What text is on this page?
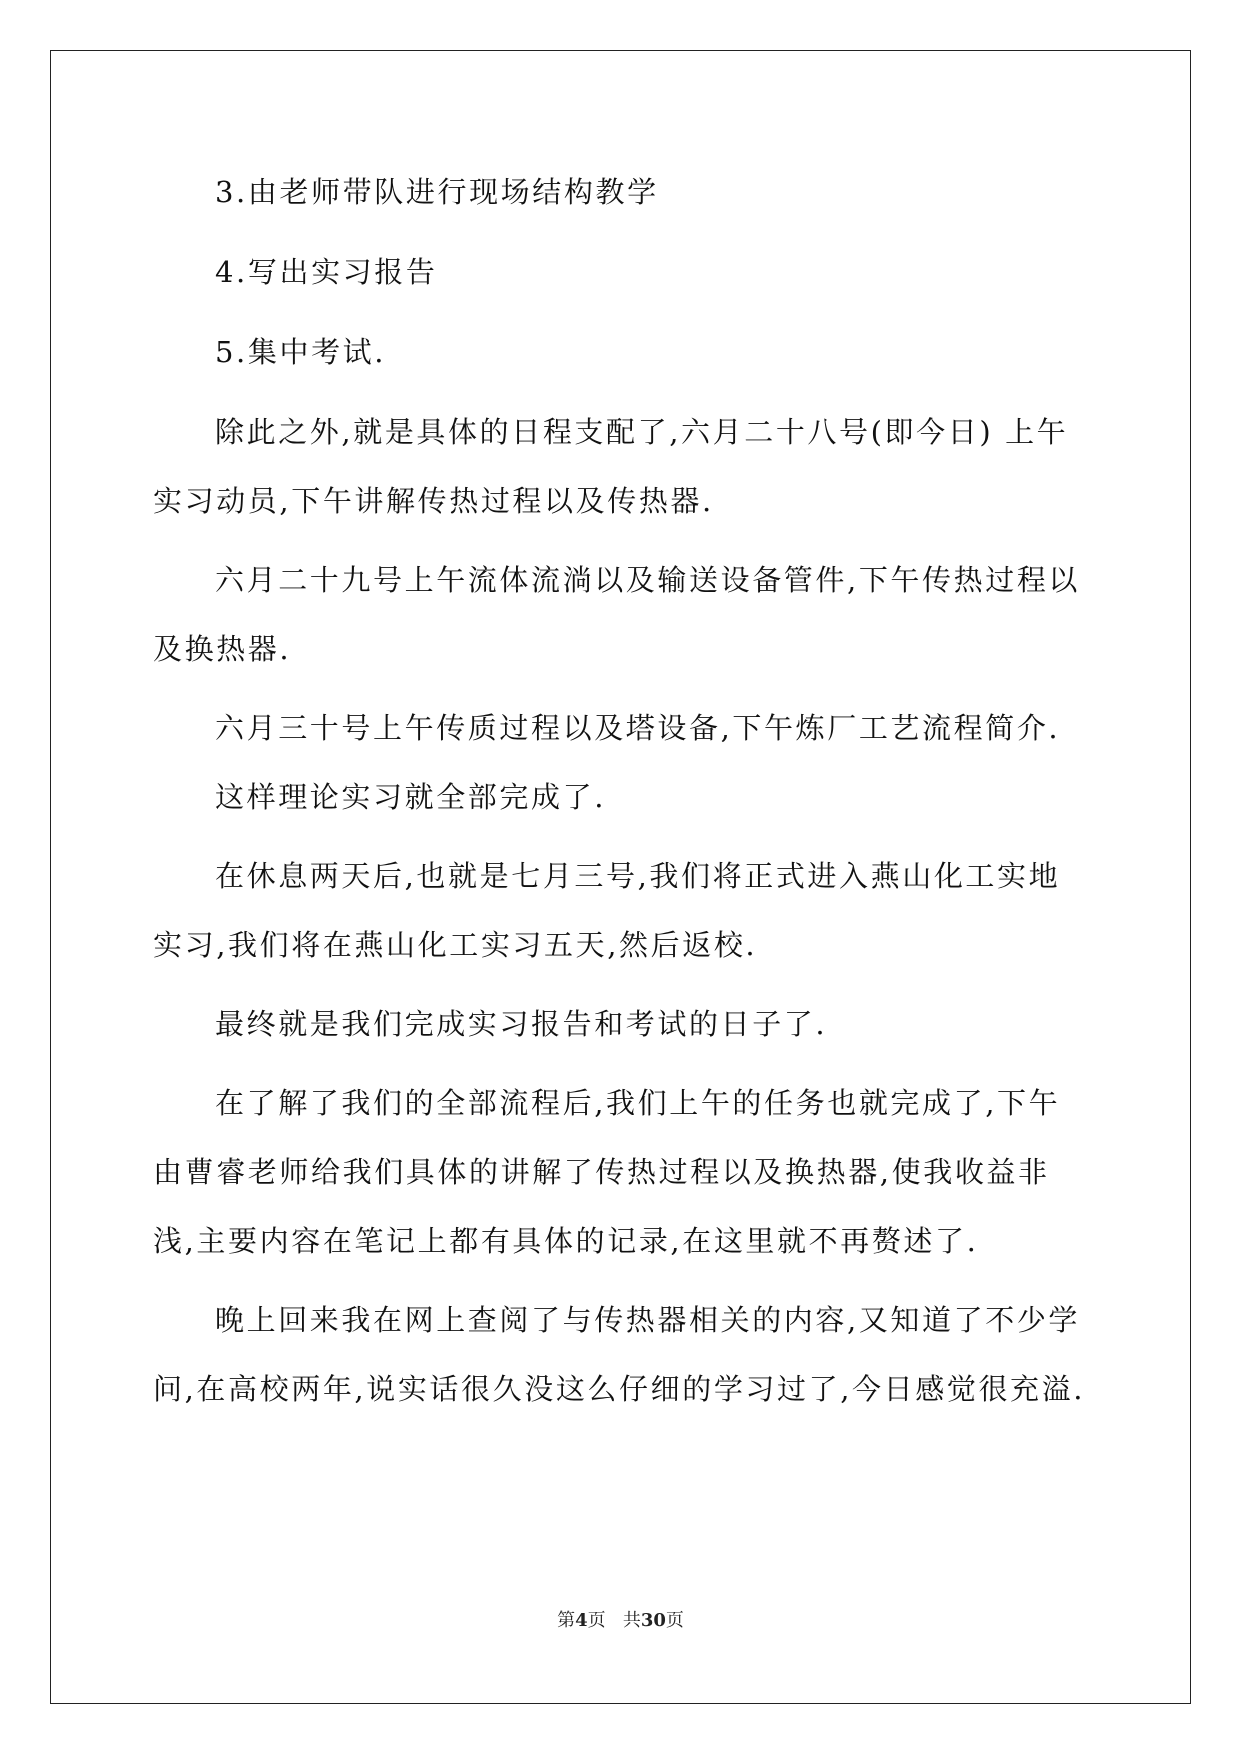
3.由老师带队进行现场结构教学

4.写出实习报告

5.集中考试.

除此之外,就是具体的日程支配了,六月二十八号(即今日) 上午实习动员,下午讲解传热过程以及传热器.

六月二十九号上午流体流淌以及输送设备管件,下午传热过程以及换热器.

六月三十号上午传质过程以及塔设备,下午炼厂工艺流程简介.

这样理论实习就全部完成了.

在休息两天后,也就是七月三号,我们将正式进入燕山化工实地实习,我们将在燕山化工实习五天,然后返校.

最终就是我们完成实习报告和考试的日子了.

在了解了我们的全部流程后,我们上午的任务也就完成了,下午由曹睿老师给我们具体的讲解了传热过程以及换热器,使我收益非浅,主要内容在笔记上都有具体的记录,在这里就不再赘述了.

晚上回来我在网上查阅了与传热器相关的内容,又知道了不少学问,在高校两年,说实话很久没这么仔细的学习过了,今日感觉很充溢.

第4页 共30页
